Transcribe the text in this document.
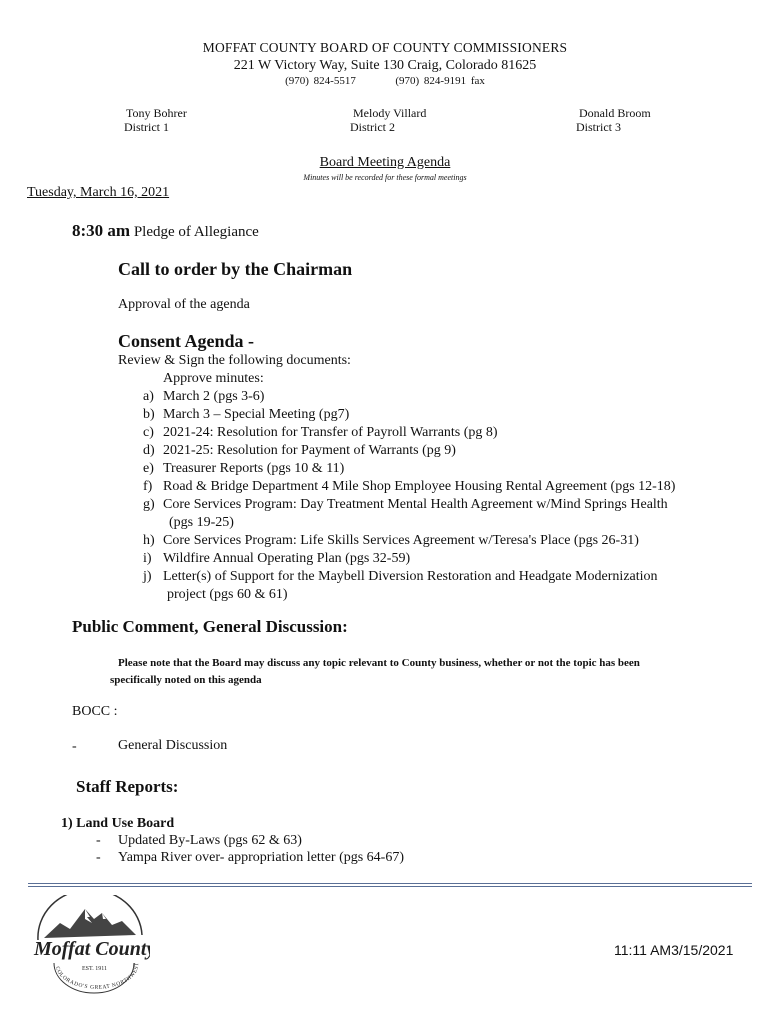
MOFFAT COUNTY BOARD OF COUNTY COMMISSIONERS
221 W Victory Way, Suite 130 Craig, Colorado 81625
(970) 824-5517	(970) 824-9191 fax
Tony Bohrer
District 1
Melody Villard
District 2
Donald Broom
District 3
Board Meeting Agenda
Minutes will be recorded for these formal meetings
Tuesday, March 16, 2021
8:30 am Pledge of Allegiance
Call to order by the Chairman
Approval of the agenda
Consent Agenda -
Review & Sign the following documents:
Approve minutes:
a) March 2 (pgs 3-6)
b) March 3 – Special Meeting (pg7)
c) 2021-24: Resolution for Transfer of Payroll Warrants (pg 8)
d) 2021-25: Resolution for Payment of Warrants (pg 9)
e) Treasurer Reports (pgs 10 & 11)
f) Road & Bridge Department 4 Mile Shop Employee Housing Rental Agreement (pgs 12-18)
g) Core Services Program: Day Treatment Mental Health Agreement w/Mind Springs Health
(pgs 19-25)
h) Core Services Program: Life Skills Services Agreement w/Teresa's Place (pgs 26-31)
i) Wildfire Annual Operating Plan (pgs 32-59)
j) Letter(s) of Support for the Maybell Diversion Restoration and Headgate Modernization
project (pgs 60 & 61)
Public Comment, General Discussion:
Please note that the Board may discuss any topic relevant to County business, whether or not the topic has been
specifically noted on this agenda
BOCC :
-	General Discussion
Staff Reports:
1) Land Use Board
- Updated By-Laws (pgs 62 & 63)
- Yampa River over- appropriation letter (pgs 64-67)
Moffat County
EST. 1911
COLORADO'S GREAT NORTHWEST
11:11 AM3/15/2021
